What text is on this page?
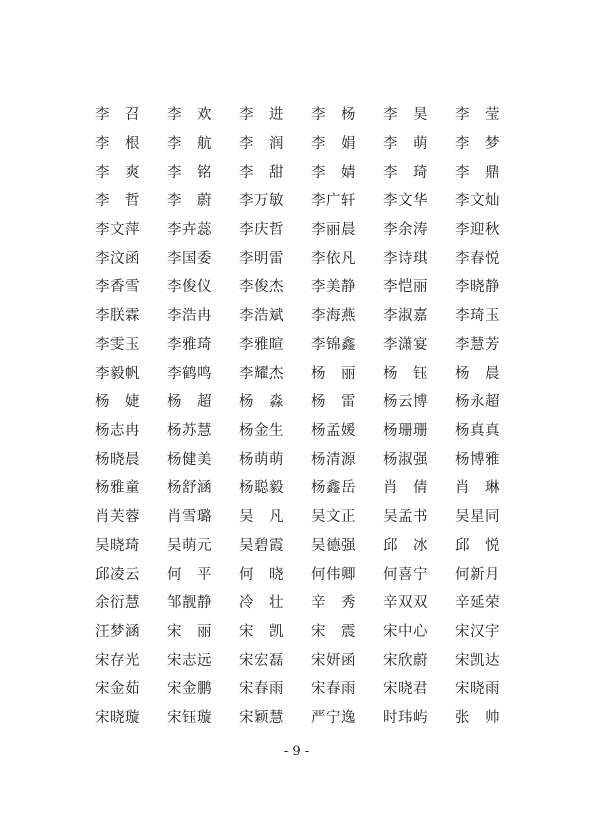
李　召	李　欢	李　进	李　杨	李　昊	李　莹
李　根	李　航	李　润	李　娟	李　萌	李　梦
李　爽	李　铭	李　甜	李　婧	李　琦	李　鼎
李　哲	李　蔚	李万敏	李广轩	李文华	李文灿
李文萍	李卉蕊	李庆哲	李丽晨	李余涛	李迎秋
李汶函	李国委	李明雷	李依凡	李诗琪	李春悦
李香雪	李俊仪	李俊杰	李美静	李恺丽	李晓静
李朕霖	李浩冉	李浩斌	李海燕	李淑嘉	李琦玉
李雯玉	李雅琦	李雅暄	李锦鑫	李潇宴	李慧芳
李毅帆	李鹤鸣	李耀杰	杨　丽	杨　钰	杨　晨
杨　婕	杨　超	杨　淼	杨　雷	杨云博	杨永超
杨志冉	杨苏慧	杨金生	杨孟媛	杨珊珊	杨真真
杨晓晨	杨健美	杨萌萌	杨清源	杨淑强	杨博雅
杨雅童	杨舒涵	杨聪毅	杨鑫岳	肖　倩	肖　琳
肖芙蓉	肖雪璐	吴　凡	吴文正	吴孟书	吴星同
吴晓琦	吴萌元	吴碧霞	吴德强	邱　冰	邱　悦
邱凌云	何　平	何　晓	何伟卿	何喜宁	何新月
余衍慧	邹靓静	冷　壮	辛　秀	辛双双	辛延荣
汪梦涵	宋　丽	宋　凯	宋　震	宋中心	宋汉宇
宋存光	宋志远	宋宏磊	宋妍函	宋欣蔚	宋凯达
宋金茹	宋金鹏	宋春雨	宋春雨	宋晓君	宋晓雨
宋晓璇	宋钰璇	宋颖慧	严宁逸	时玮屿	张　帅
- 9 -
